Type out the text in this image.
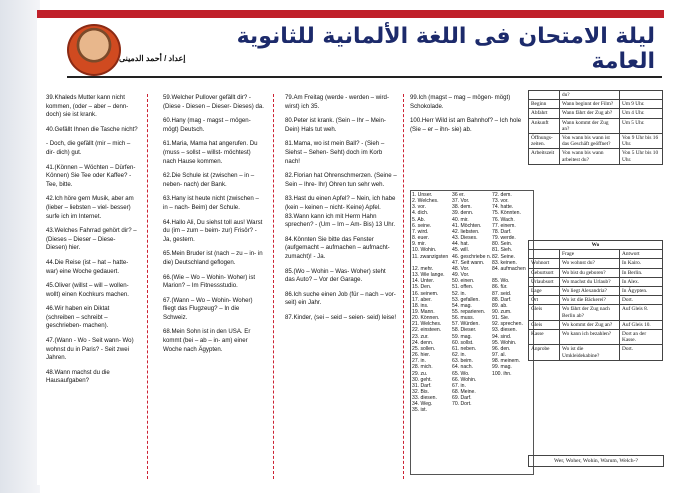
إعداد / أحمد الدمينى
ليلة الامتحان فى اللغة الألمانية للثانوية العامة

39.Khaleds Mutter kann nicht kommen, (oder – aber – denn- doch) sie ist krank.

40.Gefällt Ihnen die Tasche nicht?

- Doch, die gefällt (mir – mich – dir- dich) gut.

41.(Können – Wöchten – Dürfen- Können) Sie Tee oder Kaffee? - Tee, bitte.

42.Ich höre gern Musik, aber am (lieber – liebsten – viel- besser) surfe ich im Internet.

43.Welches Fahrrad gehört dir? – (Dieses – Dieser – Diese- Diesen) hier.

44.Die Reise (ist – hat – hatte- war) eine Woche gedauert.

45.Oliver (willst – will – wollen- wollt) einen Kochkurs machen.

46.Wir haben ein Diktat (schreiben – schreibt – geschrieben- machen).

47.(Wann - Wo - Seit wann- Wo) wohnst du in Paris? - Seit zwei Jahren.

48.Wann machst du die Hausaufgaben?

59.Welcher Pullover gefällt dir? - (Diese - Diesen – Dieser- Dieses) da.

60.Hany (mag - magst – mögen- mögt) Deutsch.

61.Maria, Mama hat angerufen. Du (muss – sollst – willst- möchtest) nach Hause kommen.

62.Die Schule ist (zwischen – in – neben- nach) der Bank.

63.Hany ist heute nicht (zwischen – in – nach- Beim) der Schule.

64.Hallo Ali, Du siehst toll aus! Warst du (im – zum – beim- zur) Frisör? - Ja, gestern.

65.Mein Bruder ist (nach – zu – in- in die) Deutschland geflogen.

66.(Wie – Wo – Wohin- Woher) ist Marion? – Im Fitnessstudio.

67.(Wann – Wo – Wohin- Woher) fliegt das Flugzeug? – In die Schweiz.

68.Mein Sohn ist in den USA. Er kommt (bei – ab – in- am) einer Woche nach Ägypten.

79.Am Freitag (werde - werden – wird- wirst) ich 35.

80.Peter ist krank. (Sein – Ihr – Mein- Dein) Hals tut weh.

81.Mama, wo ist mein Ball? - (Sieh – Siehst – Sehen- Seht) doch im Korb nach!

82.Florian hat Ohrenschmerzen. (Seine – Sein – Ihre- Ihr) Ohren tun sehr weh.

83.Hast du einen Apfel? – Nein, ich habe (kein – keinen – nicht- Keine) Apfel. 83.Wann kann ich mit Herrn Hahn sprechen? - (Um – Im – Am- Bis) 13 Uhr.

84.Könnten Sie bitte das Fenster (aufgemacht – aufmachen – aufmacht- zumacht)! - Ja.

85.(Wo – Wohin – Was- Woher) steht das Auto? – Vor der Garage.

86.Ich suche einen Job (für – nach – vor- seit) ein Jahr.

87.Kinder, (sei – seid – seien- seid) leise!

99.Ich (magst – mag – mögen- mögt) Schokolade.

100.Herr Wild ist am Bahnhof? – Ich hole (Sie – er – ihn- sie) ab.

1. Unser.
2. Welches.
3. vor.
4. dich.
5. Ab.
6. seine.
7. wird.
8. euer.
9. mir.
10. Wohin.
11. zwanzigsten

12. mehr.
13. Wie lange.
14. Unter.
15. Den.
16. seinem.
17. aber.
18. ins.
19. Mann.
20. Können.
21. Welches.
22. einsteen.
23. zur.
24. denn.
25. sollen.
26. hier.
27. in.
28. mich.
29. zu.
30. geht.
31. Darf.
32. Bis.
33. diesen.
34. Weg.
35. ist.
36 er.
37. Vor.
38. dem.
39. denn.
40. mir.
41. Möchten.
42. liebsten.
43. Dieses.
44. hat.
45. will.
46. geschriebe n.
47. Seit wann.
48. Vor.
49. Vor.
50. einen.
51. offen.
52. in.
53. gefallen.
54. mag.
55. reparieren.
56. muss.
57. Würden.
58. Dieser.
59. mag.
60. sollst.
61. neben.
62. in.
63. beim.
64. nach.
65. Wo.
66. Wohin.
67. in.
68. Meine.
69. Darf.
70. Dort.
72. dem.
73. vor.
74. hatte.
75. Könnten.
76. Wach.
77. einem.
78. Darf.
79. werde.
80. Sein.
81. Sieh.
82. Seine.
83. keinen.
84. aufmachen

85. Wo.
86. für.
87. seid.
88. Darf.
89. ab.
90. zum.
91. Sie.
92. sprechen.
93. diesen.
94. sind.
95. Wohin.
96. den.
97. al.
98. meinem.
99. mag.
100. ihn.

	du?	
Beginn	Wann beginnt der Film?	Um 9 Uhr.
Abfahrt	Wann fährt der Zug ab?	Um 4 Uhr.
Ankunft	Wann kommt der Zug an?	Um 5 Uhr.
Öffnungs-zeiten.	Von wann bis wann ist das Geschäft geöffnet?	Von 9 Uhr bis 16 Uhr.
Arbeitszeit	Von wann bis wann arbeitest du?	Von 5 Uhr bis 10 Uhr.
Wo		
	Frage	Antwort
Wohnort	Wo wohnst du?	In Kairo.
Geburtsort	Wo bist du geboren?	In Berlin.
Urlaubsort	Wo machst du Urlaub?	In Alex.
Lage	Wo liegt Alexandria?	In Ägypten.
Ort	Wo ist die Bäckerei?	Dort.
Gleis	Wo fährt der Zug nach Berlin ab?	Auf Gleis 8.
Gleis	Wo kommt der Zug an?	Auf Gleis 10.
Kasse	Wo kann ich bezahlen?	Dort an der Kasse.
Anprobe	Wo ist die Umkleidekabine?	Dort.
Wer, Woher, Wohin, Warum, Welch-?
